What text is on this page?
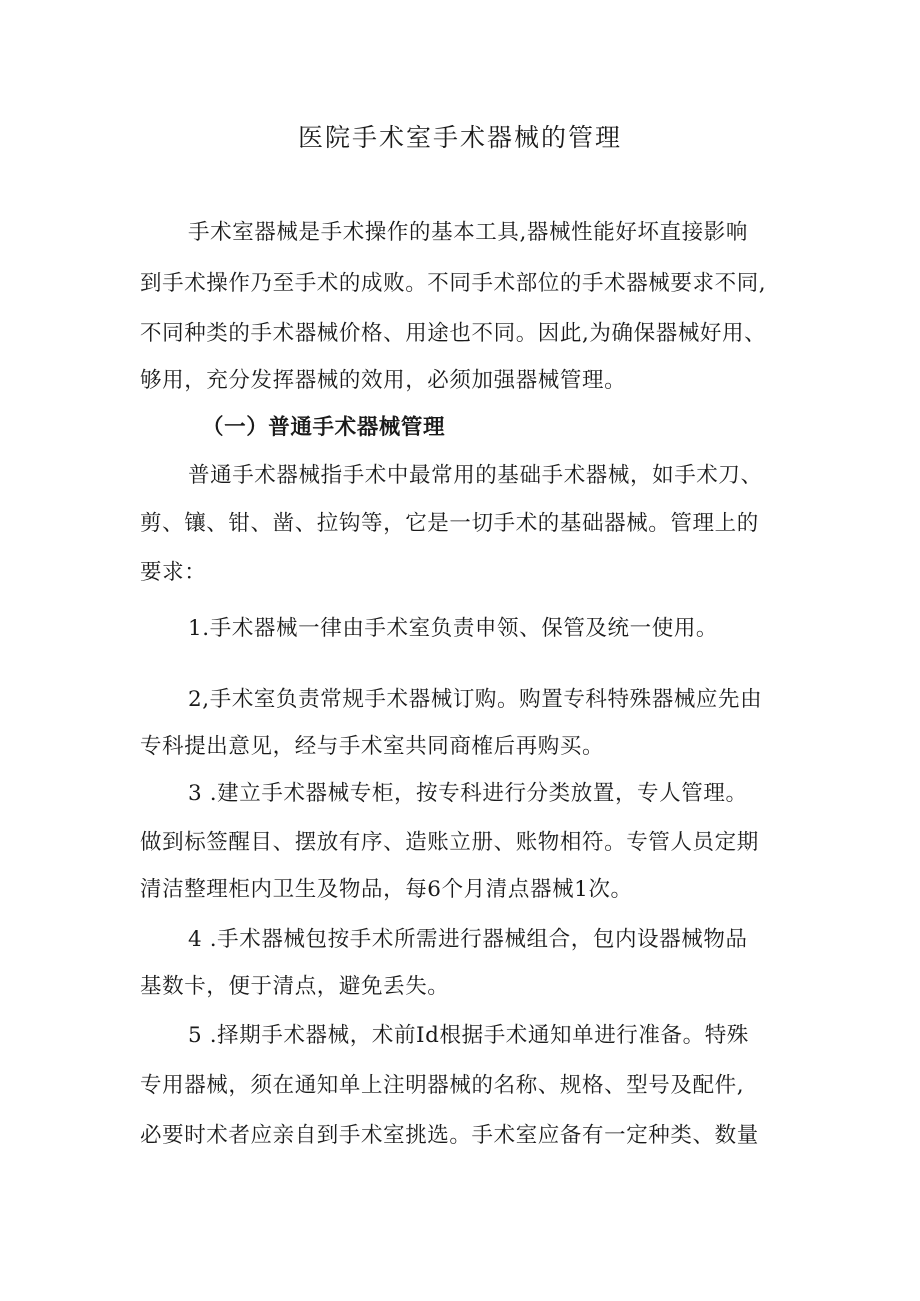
医院手术室手术器械的管理

手术室器械是手术操作的基本工具,器械性能好坏直接影响

到手术操作乃至手术的成败。不同手术部位的手术器械要求不同,

不同种类的手术器械价格、用途也不同。因此,为确保器械好用、

够用，充分发挥器械的效用，必须加强器械管理。

（一）普通手术器械管理

普通手术器械指手术中最常用的基础手术器械，如手术刀、

剪、镶、钳、凿、拉钩等，它是一切手术的基础器械。管理上的

要求：

1.手术器械一律由手术室负责申领、保管及统一使用。

2,手术室负责常规手术器械订购。购置专科特殊器械应先由

专科提出意见，经与手术室共同商榷后再购买。

3 .建立手术器械专柜，按专科进行分类放置，专人管理。

做到标签醒目、摆放有序、造账立册、账物相符。专管人员定期

清洁整理柜内卫生及物品，每6个月清点器械1次。

4 .手术器械包按手术所需进行器械组合，包内设器械物品

基数卡，便于清点，避免丢失。

5 .择期手术器械，术前Id根据手术通知单进行准备。特殊

专用器械，须在通知单上注明器械的名称、规格、型号及配件,

必要时术者应亲自到手术室挑选。手术室应备有一定种类、数量
